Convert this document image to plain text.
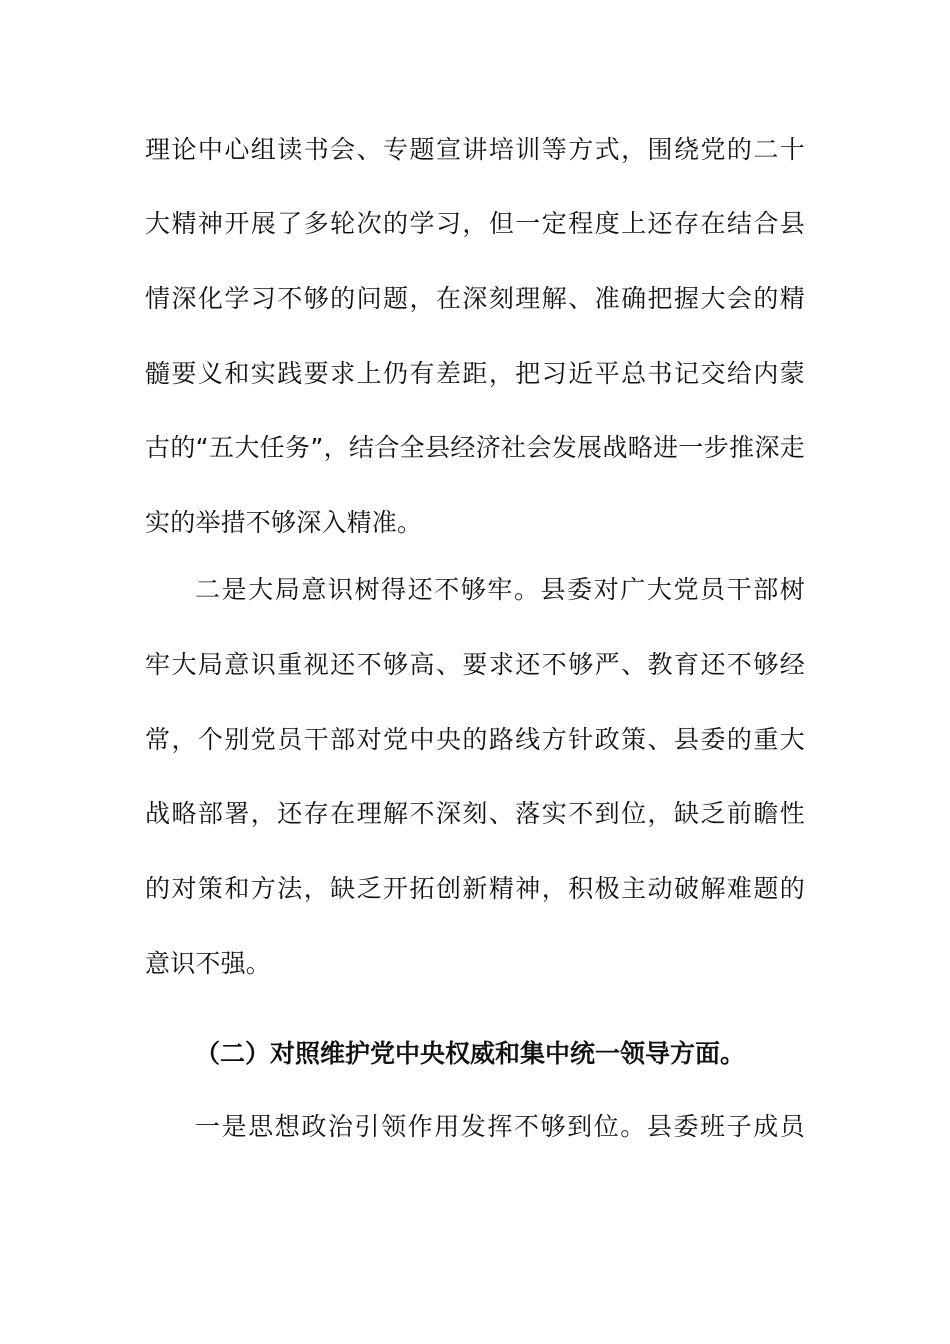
理论中心组读书会、专题宣讲培训等方式，围绕党的二十
大精神开展了多轮次的学习，但一定程度上还存在结合县
情深化学习不够的问题，在深刻理解、准确把握大会的精
髓要义和实践要求上仍有差距，把习近平总书记交给内蒙
古的“五大任务”，结合全县经济社会发展战略进一步推深走
实的举措不够深入精准。
二是大局意识树得还不够牢。县委对广大党员干部树
牢大局意识重视还不够高、要求还不够严、教育还不够经
常，个别党员干部对党中央的路线方针政策、县委的重大
战略部署，还存在理解不深刻、落实不到位，缺乏前瞻性
的对策和方法，缺乏开拓创新精神，积极主动破解难题的
意识不强。
（二）对照维护党中央权威和集中统一领导方面。
一是思想政治引领作用发挥不够到位。县委班子成员
